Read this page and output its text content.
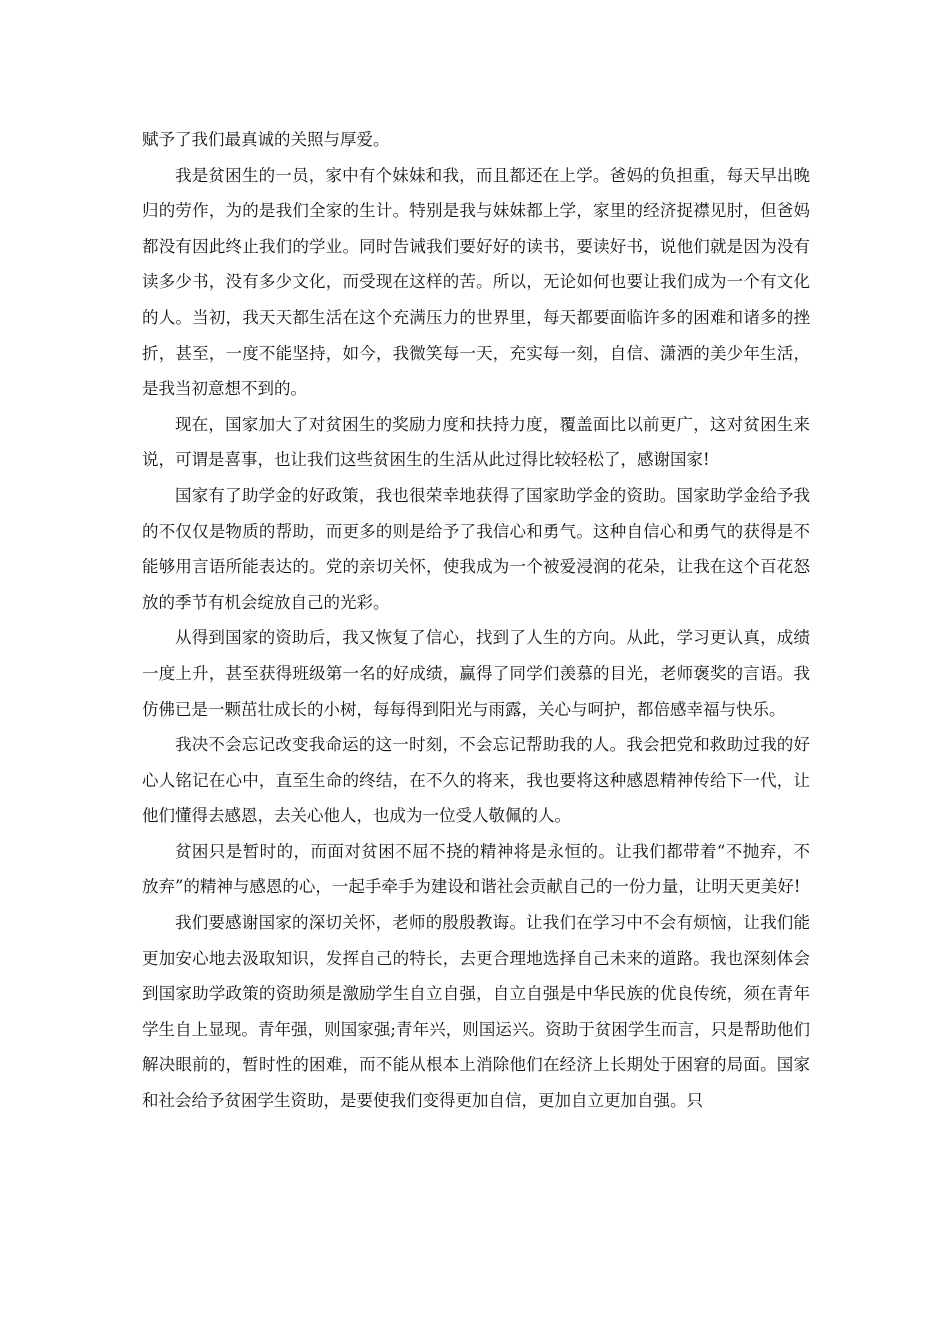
赋予了我们最真诚的关照与厚爱。

我是贫困生的一员，家中有个妹妹和我，而且都还在上学。爸妈的负担重，每天早出晚归的劳作，为的是我们全家的生计。特别是我与妹妹都上学，家里的经济捉襟见肘，但爸妈都没有因此终止我们的学业。同时告诫我们要好好的读书，要读好书，说他们就是因为没有读多少书，没有多少文化，而受现在这样的苦。所以，无论如何也要让我们成为一个有文化的人。当初，我天天都生活在这个充满压力的世界里，每天都要面临许多的困难和诸多的挫折，甚至，一度不能坚持，如今，我微笑每一天，充实每一刻，自信、潇洒的美少年生活，是我当初意想不到的。

现在，国家加大了对贫困生的奖励力度和扶持力度，覆盖面比以前更广，这对贫困生来说，可谓是喜事，也让我们这些贫困生的生活从此过得比较轻松了，感谢国家!

国家有了助学金的好政策，我也很荣幸地获得了国家助学金的资助。国家助学金给予我的不仅仅是物质的帮助，而更多的则是给予了我信心和勇气。这种自信心和勇气的获得是不能够用言语所能表达的。党的亲切关怀，使我成为一个被爱浸润的花朵，让我在这个百花怒放的季节有机会绽放自己的光彩。

从得到国家的资助后，我又恢复了信心，找到了人生的方向。从此，学习更认真，成绩一度上升，甚至获得班级第一名的好成绩，赢得了同学们羡慕的目光，老师褒奖的言语。我仿佛已是一颗茁壮成长的小树，每每得到阳光与雨露，关心与呵护，都倍感幸福与快乐。

我决不会忘记改变我命运的这一时刻，不会忘记帮助我的人。我会把党和救助过我的好心人铭记在心中，直至生命的终结，在不久的将来，我也要将这种感恩精神传给下一代，让他们懂得去感恩，去关心他人，也成为一位受人敬佩的人。

贫困只是暂时的，而面对贫困不屈不挠的精神将是永恒的。让我们都带着“不抛弃，不放弃”的精神与感恩的心，一起手牵手为建设和谐社会贡献自己的一份力量，让明天更美好!

我们要感谢国家的深切关怀，老师的殷殷教诲。让我们在学习中不会有烦恼，让我们能更加安心地去汲取知识，发挥自己的特长，去更合理地选择自己未来的道路。我也深刻体会到国家助学政策的资助须是激励学生自立自强，自立自强是中华民族的优良传统，须在青年学生自上显现。青年强，则国家强;青年兴，则国运兴。资助于贫困学生而言，只是帮助他们解决眼前的，暂时性的困难，而不能从根本上消除他们在经济上长期处于困窘的局面。国家和社会给予贫困学生资助，是要使我们变得更加自信，更加自立更加自强。只
